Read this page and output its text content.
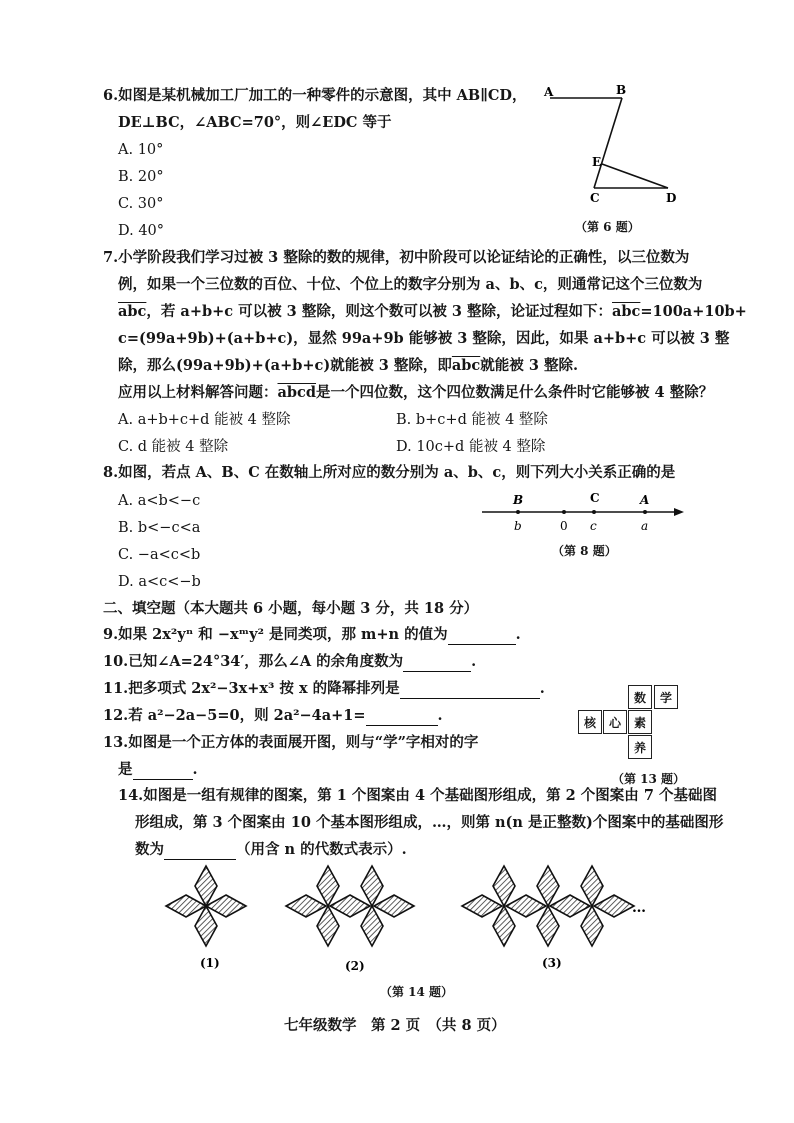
6.如图是某机械加工厂加工的一种零件的示意图，其中 AB∥CD，
DE⊥BC，∠ABC=70°，则∠EDC 等于
A. 10°
B. 20°
C. 30°
D. 40°
A	B
E
C	D
（第 6 题）
7.小学阶段我们学习过被 3 整除的数的规律，初中阶段可以论证结论的正确性，以三位数为
例，如果一个三位数的百位、十位、个位上的数字分别为 a、b、c，则通常记这个三位数为
$\overline{abc}$，若 a+b+c 可以被 3 整除，则这个数可以被 3 整除，论证过程如下：$\overline{abc}=100a+10b+$
c=(99a+9b)+(a+b+c)，显然 99a+9b 能够被 3 整除，因此，如果 a+b+c 可以被 3 整
除，那么(99a+9b)+(a+b+c)就能被 3 整除，即$\overline{abc}$就能被 3 整除.
应用以上材料解答问题：abcd是一个四位数，这个四位数满足什么条件时它能够被 4 整除？
A. a+b+c+d 能被 4 整除	B. b+c+d 能被 4 整除
C. d 能被 4 整除	D. 10c+d 能被 4 整除
8.如图，若点 A、B、C 在数轴上所对应的数分别为 a、b、c，则下列大小关系正确的是
A. a<b<−c
B. b<−c<a
C. −a<c<b
D. a<c<−b
B	C	A
b	0 c	a
（第 8 题）
二、填空题（本大题共 6 小题，每小题 3 分，共 18 分）
9.如果 2x²yⁿ 和 −xᵐy² 是同类项，那 m+n 的值为	.
10.已知∠A=24°34′，那么∠A 的余角度数为	.
11.把多项式 2x²−3x+x³ 按 x 的降幂排列是	.
12.若 a²−2a−5=0，则 2a²−4a+1=	.
13.如图是一个正方体的表面展开图，则与“学”字相对的字
是	.
数	学
核	心	素
养
（第 13 题）
14.如图是一组有规律的图案，第 1 个图案由 4 个基础图形组成，第 2 个图案由 7 个基础图
形组成，第 3 个图案由 10 个基本图形组成，…，则第 n(n 是正整数)个图案中的基础图形
数为	（用含 n 的代数式表示）.
…
(1)	(2)	(3)
（第 14 题）
七年级数学　第 2 页　（共 8 页）
